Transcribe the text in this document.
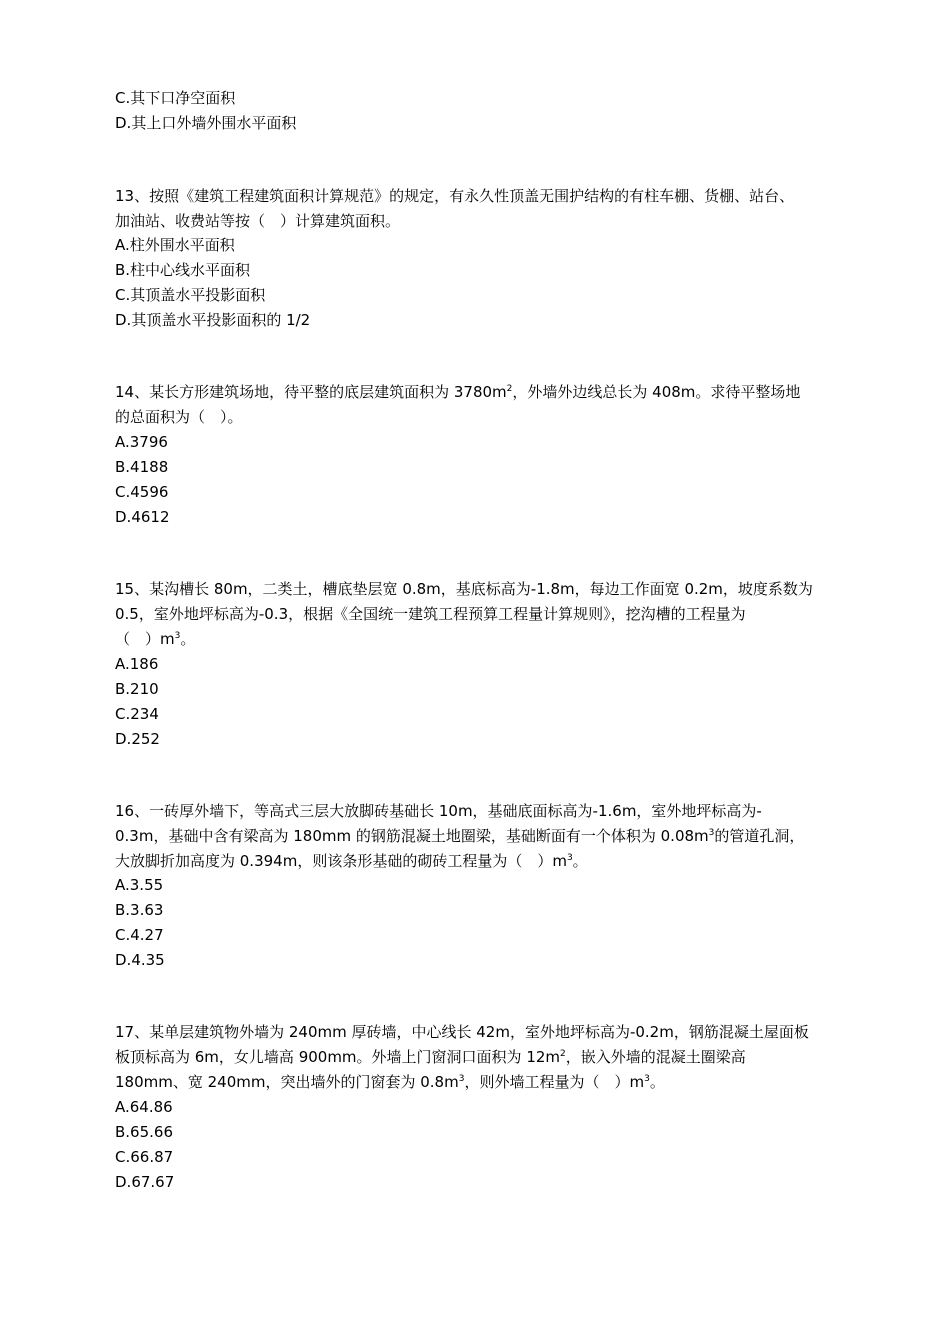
C.其下口净空面积
D.其上口外墙外围水平面积
13、按照《建筑工程建筑面积计算规范》的规定，有永久性顶盖无围护结构的有柱车棚、货棚、站台、
加油站、收费站等按（　）计算建筑面积。
A.柱外围水平面积
B.柱中心线水平面积
C.其顶盖水平投影面积
D.其顶盖水平投影面积的 1/2
14、某长方形建筑场地，待平整的底层建筑面积为 $3780m^2$，外墙外边线总长为 408m。求待平整场地
的总面积为（　）。
A.3796
B.4188
C.4596
D.4612
15、某沟槽长 80m，二类土，槽底垫层宽 0.8m，基底标高为-1.8m，每边工作面宽 0.2m，坡度系数为
0.5，室外地坪标高为-0.3，根据《全国统一建筑工程预算工程量计算规则》，挖沟槽的工程量为
（　）$m^3$。
A.186
B.210
C.234
D.252
16、一砖厚外墙下，等高式三层大放脚砖基础长 10m，基础底面标高为-1.6m，室外地坪标高为-
0.3m，基础中含有梁高为 180mm 的钢筋混凝土地圈梁，基础断面有一个体积为 $0.08m^3$的管道孔洞，
大放脚折加高度为 0.394m，则该条形基础的砌砖工程量为（　）$m^3$。
A.3.55
B.3.63
C.4.27
D.4.35
17、某单层建筑物外墙为 240mm 厚砖墙，中心线长 42m，室外地坪标高为-0.2m，钢筋混凝土屋面板
板顶标高为 6m，女儿墙高 900mm。外墙上门窗洞口面积为 $12m^2$，嵌入外墙的混凝土圈梁高
180mm、宽 240mm，突出墙外的门窗套为 $0.8m^3$，则外墙工程量为（　）$m^3$。
A.64.86
B.65.66
C.66.87
D.67.67
